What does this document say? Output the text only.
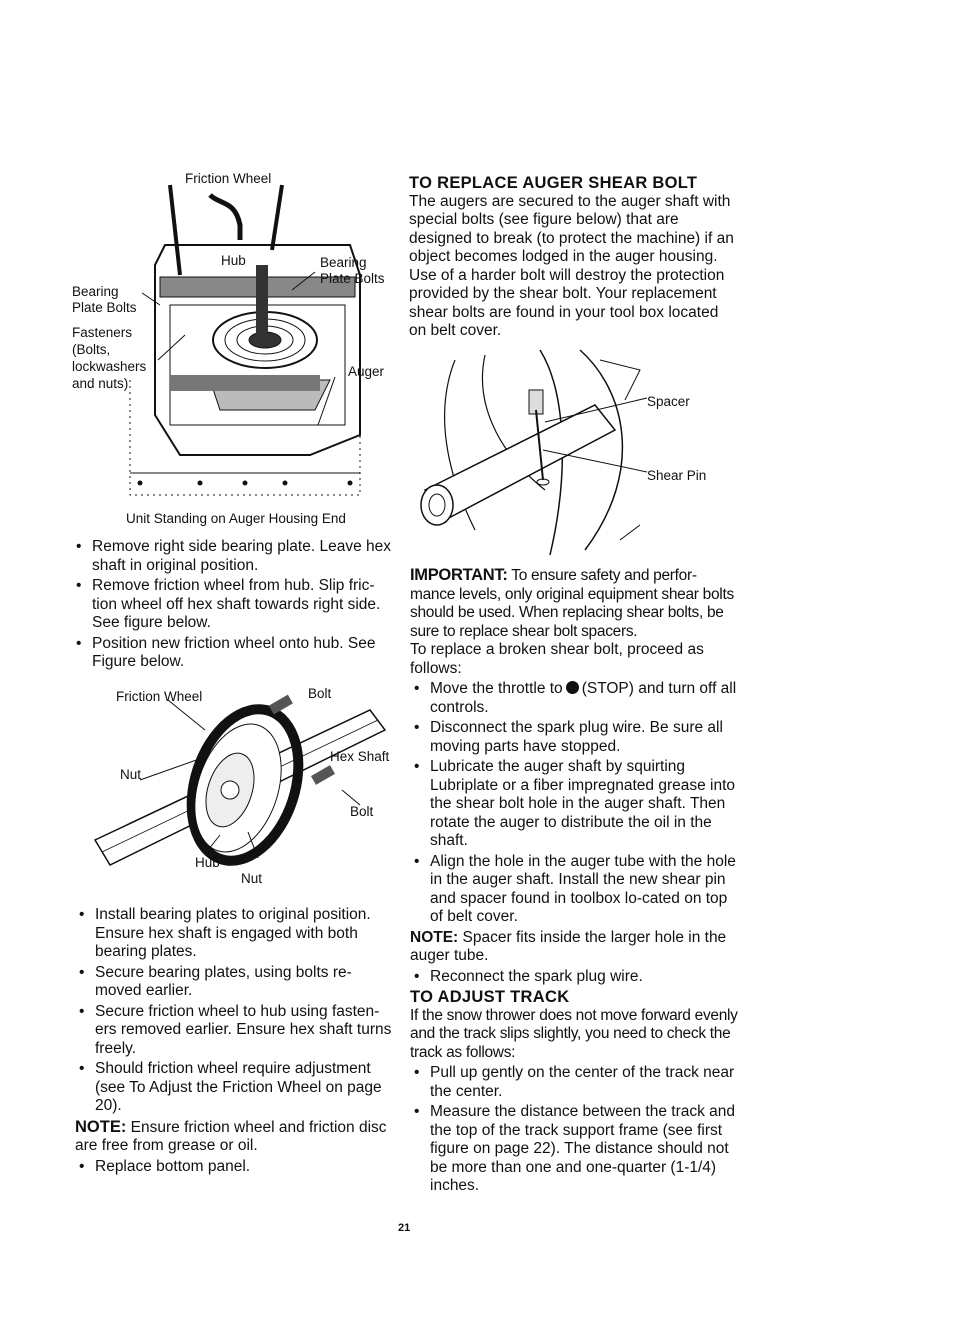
Friction Wheel
Hub	Bearing
Plate Bolts
Bearing
Plate Bolts
Fasteners
(Bolts,
lockwashers
and nuts)
Auger
Unit Standing on Auger Housing End
• Remove right side bearing plate. Leave hex shaft in original position.
• Remove friction wheel from hub. Slip fric-tion wheel off hex shaft towards right side. See figure below.
• Position new friction wheel onto hub. See Figure below.
Friction Wheel	Bolt
Hex Shaft
Nut
Bolt
Hub
Nut
• Install bearing plates to original position. Ensure hex shaft is engaged with both bearing plates.
• Secure bearing plates, using bolts re-moved earlier.
• Secure friction wheel to hub using fasten-ers removed earlier. Ensure hex shaft turns freely.
• Should friction wheel require adjustment (see To Adjust the Friction Wheel on page 20).
NOTE: Ensure friction wheel and friction disc are free from grease or oil.
• Replace bottom panel.
TO REPLACE AUGER SHEAR BOLT
The augers are secured to the auger shaft with special bolts (see figure below) that are designed to break (to protect the machine) if an object becomes lodged in the auger housing. Use of a harder bolt will destroy the protection provided by the shear bolt. Your replacement shear bolts are found in your tool box located on belt cover.
Spacer
Shear Pin
IMPORTANT: To ensure safety and perfor-mance levels, only original equipment shear bolts should be used. When replacing shear bolts, be sure to replace shear bolt spacers.
To replace a broken shear bolt, proceed as follows:
• Move the throttle to (STOP) and turn off all controls.
• Disconnect the spark plug wire. Be sure all moving parts have stopped.
• Lubricate the auger shaft by squirting Lubriplate or a fiber impregnated grease into the shear bolt hole in the auger shaft. Then rotate the auger to distribute the oil in the shaft.
• Align the hole in the auger tube with the hole in the auger shaft. Install the new shear pin and spacer found in toolbox lo-cated on top of belt cover.
NOTE: Spacer fits inside the larger hole in the auger tube.
• Reconnect the spark plug wire.
TO ADJUST TRACK
If the snow thrower does not move forward evenly and the track slips slightly, you need to check the track as follows:
• Pull up gently on the center of the track near the center.
• Measure the distance between the track and the top of the track support frame (see first figure on page 22). The distance should not be more than one and one-quarter (1-1/4) inches.
21
